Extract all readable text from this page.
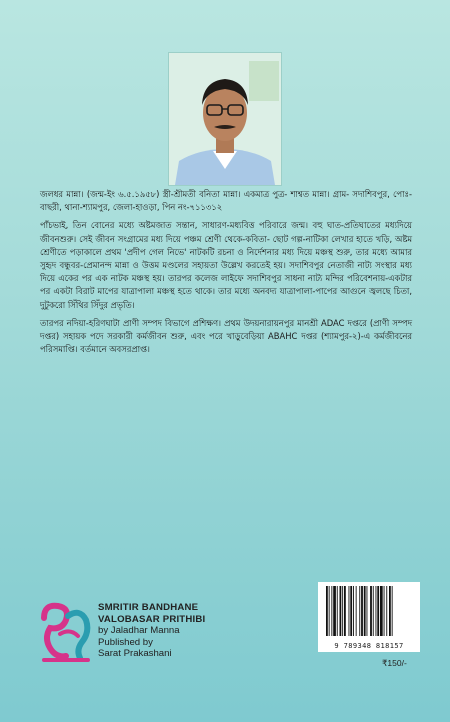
জলধর মান্না। (জন্ম-ইং ৬.৫.১৯৫৮) স্ত্রী-শ্রীমতী বনিতা মান্না। একমাত্র পুত্র- শাশ্বত মান্না। গ্রাম- সদাশিবপুর, পোঃ-বাছরী, থানা-শ্যামপুর, জেলা-হাওড়া, পিন নং-৭১১৩১২

পাঁচভাই, তিন বোনের মধ্যে অষ্টমজাত সন্তান, সাধারণ-মধ্যবিত্ত পরিবারে জন্ম। বহু ঘাত-প্রতিঘাতের মধ্যদিয়ে জীবনশুরু। সেই জীবন সংগ্রামের মধ্য দিয়ে পঞ্চম শ্রেণী থেকে-কবিতা- ছোট গল্প-নাটিকা লেখার হাতে খড়ি, অষ্টম শ্রেণীতে পড়াকালে প্রথম 'প্রদীপ গেল নিভে' নাটকটি রচনা ও নির্দেশনার মধ্য দিয়ে মঞ্চস্থ শুরু, তার মধ্যে আমার সুহৃদ বন্ধুবর-প্রেমানন্দ মান্না ও উত্তম মণ্ডলের সহায়তা উল্লেখ করতেই হয়। সদাশিবপুর নেতাজী নাট্য সংস্থার মধ্য দিয়ে একের পর এক নাটক মঞ্চস্থ হয়। তারপর কলেজ লাইফে সদাশিবপুর সাধনা নাট্য মন্দির পরিবেশনায়-একটার পর একটা বিরাট মাপের যাত্রাপালা মঞ্চস্থ হতে থাকে। তার মধ্যে অনবদ্য যাত্রাপালা-পাপের আগুনে জ্বলছে চিতা, দুটুকরো সিঁথির সিঁদুর প্রভৃতি।

তারপর নদিয়া-হরিণঘাটা প্রাণী সম্পদ বিভাগে প্রশিক্ষণ। প্রথম উদয়নারায়নপুর মানশ্রী ADAC দপ্তরে (প্রাণী সম্পদ দপ্তর) সহায়ক পদে সরকারী কর্মজীবন শুরু, এবং পরে খাড়ুবেড়িয়া ABAHC দপ্তর (শ্যামপুর-২)-এ কর্মজীবনের পরিসমাপ্তি। বর্তমানে অবসরপ্রাপ্ত।

SMRITIR BANDHANE
VALOBASAR PRITHIBI
by Jaladhar Manna
Published by
Sarat Prakashani
9 789348 818157
₹150/-
